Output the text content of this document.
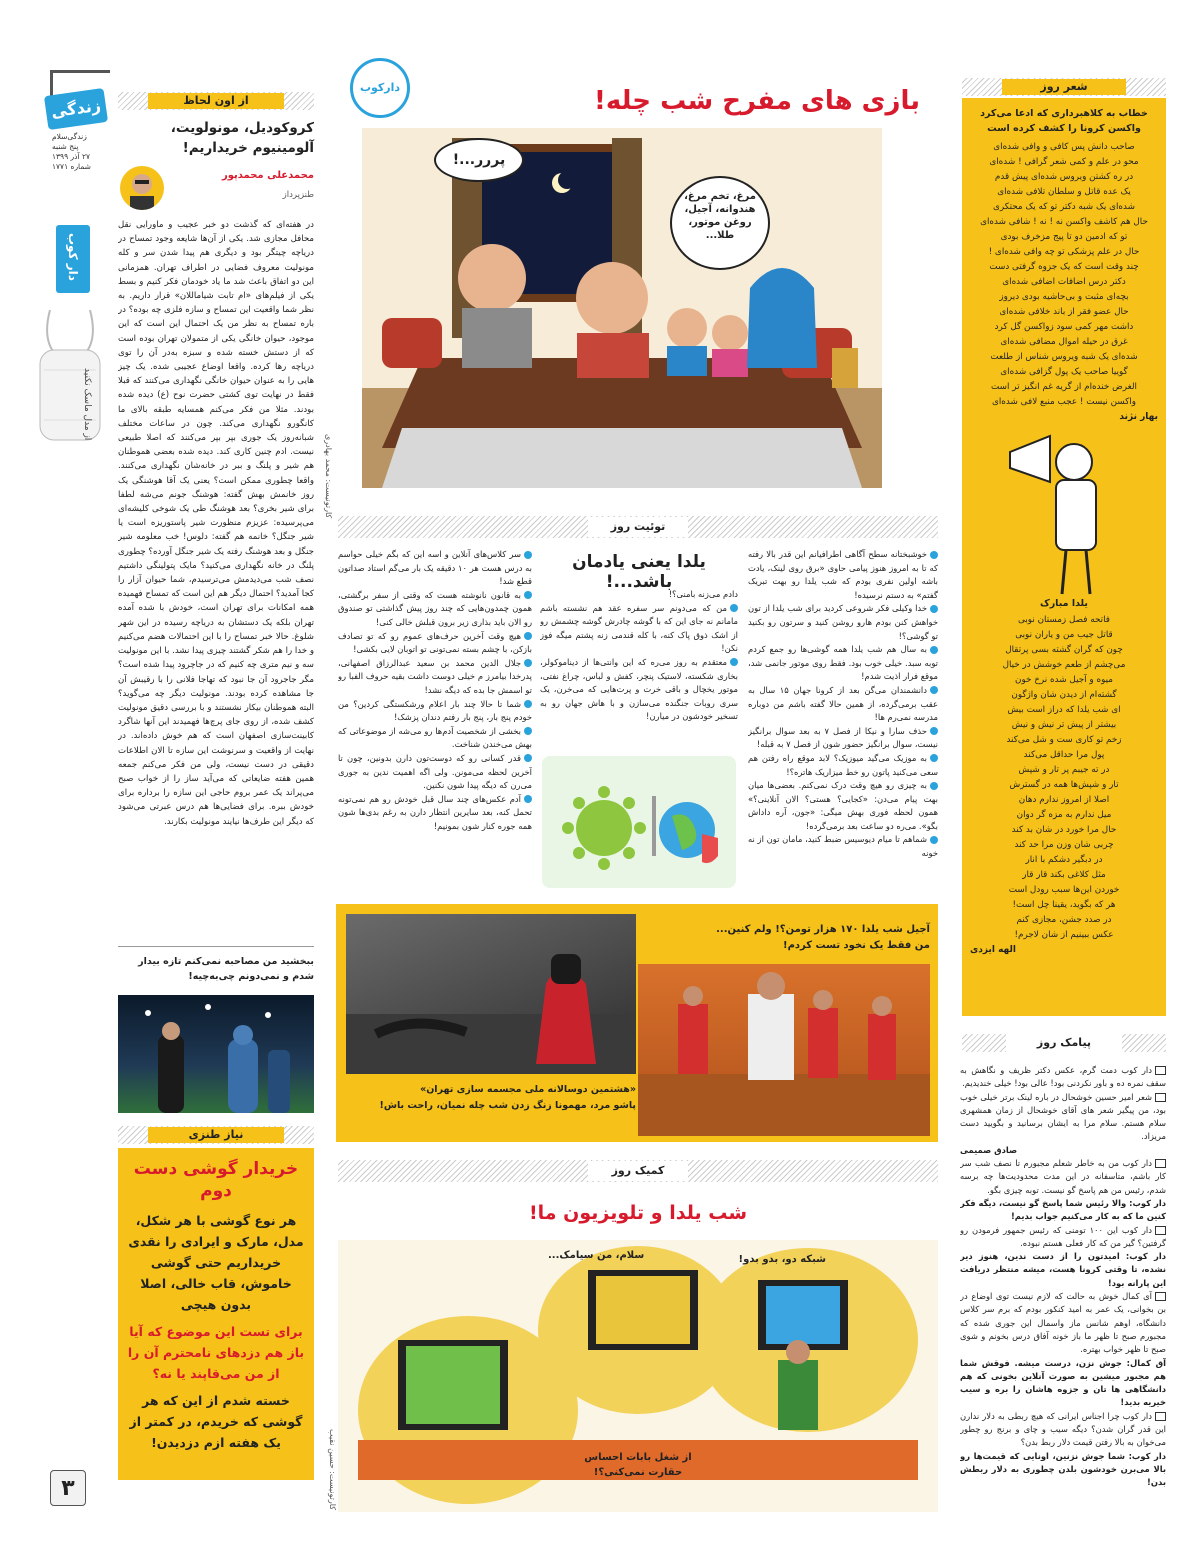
زندگی
زندگی‌سلام
پنج شنبه
۲۷ آذر ۱۳۹۹
شماره ۱۷۷۱
دار کوب
از مدل ماسک نکنید
۳
از اون لحاظ
کروکودیل، مونولویت، آلومینیوم خریداریم!
محمدعلی محمدپور
طنزپرداز
در هفته‌ای که گذشت دو خبر عجیب و ماورایی نقل محافل مجازی شد. یکی از آن‌ها شایعه وجود تمساح در دریاچه چیتگر بود و دیگری هم پیدا شدن سر و کله مونولیت معروف فضایی در اطراف تهران. همزمانی این دو اتفاق باعث شد ما یاد خودمان فکر کنیم و بسط یکی از فیلم‌های «ام تابت شیاماللان» قرار داریم. به نظر شما واقعیت این تمساح و سازه فلزی چه بوده؟ در باره تمساح به نظر من یک احتمال این است که این موجود، حیوان خانگی یکی از متمولان تهران بوده است که از دستش خسته شده و سبزه به‌در آن را توی دریاچه رها کرده. واقعا اوضاع عجیبی شده. یک چیز هایی را به عنوان حیوان خانگی نگهداری می‌کنند که قبلا فقط در نهایت توی کشتی حضرت نوح (ع) دیده شده بودند. مثلا من فکر می‌کنم همسایه طبقه بالای ما کانگورو نگهداری می‌کند. چون در ساعات مختلف شبانه‌روز یک جوری بپر بپر می‌کنند که اصلا طبیعی نیست. ادم چنین کاری کند. دیده شده بعضی هموطنان هم شیر و پلنگ و ببر در خانه‌شان نگهداری می‌کنند. واقعا چطوری ممکن است؟ یعنی یک آقا هوشنگی یک روز خانمش بهش گفته: هوشنگ جونم می‌شه لطفا برای شیر بخری؟ بعد هوشنگ طی یک شوخی کلیشه‌ای می‌پرسیده: عزیزم منظورت شیر پاستوریزه است یا شیر جنگل؟ خانمه هم گفته: دلوس! خب معلومه شیر جنگل و بعد هوشنگ رفته یک شیر جنگل آورده؟ چطوری پلنگ در خانه نگهداری می‌کنید؟ مایک پتولینگی داشتیم نصف شب می‌دیدمش می‌ترسیدم، شما حیوان آزار را کجا آمدید؟ احتمال دیگر هم این است که تمساح فهمیده همه امکانات برای تهران است، خودش با شده آمده تهران بلکه یک دستشان به دریاچه رسیده در این شهر شلوغ. حالا خبر تمساح را با این احتمالات هضم می‌کنیم و خدا را هم شکر گشتند چیزی پیدا نشد. با این مونولیت سه و نیم متری چه کنیم که در جاچرود پیدا شده است؟ مگر جاجرود آن جا نبود که تهاجا فلانی را با رقیبش آن جا مشاهده کرده بودند. مونولیت دیگر چه می‌گوید؟ البته هموطنان بیکار نشستند و با بررسی دقیق مونولیت کشف شده، از روی جای پرچ‌ها فهمیدند این آنها شاگرد کابینت‌سازی اصفهان است که هم خوش داده‌اند. در نهایت از واقعیت و سرنوشت این سازه تا الان اطلاعات دقیقی در دست نیست، ولی من فکر می‌کنم جمعه همین هفته ضایعاتی که می‌آید ساز را از خواب صبح می‌پراند یک عمر بروم حاجی این سازه را برداره برای خودش ببره. برای فضایی‌ها هم درس عبرتی می‌شود که دیگر این طرف‌ها نیایند مونولیت بکارند.
ببخشید من مصاحبه نمی‌کنم تازه بیدار شدم و نمی‌دونم چی‌به‌چیه!
نیاز طنزی
خریدار گوشی دست دوم
هر نوع گوشی با هر شکل، مدل، مارک و ایرادی را نقدی خریداریم حتی گوشی خاموش، قاب خالی، اصلا بدون هیچی
برای تست این موضوع که آیا باز هم دزدهای نامحترم آن را از من می‌قاپند یا نه؟
خسته شدم از این که هر گوشی که خریدم، در کمتر از یک هفته ازم دزدیدن!
دارکوب	بازی های مفرح شب چله!
پررر...!
مرغ، تخم مرغ، هندوانه، آجیل، روغن موتور، طلا...
کارتونیست: محمد بهادری
توئیت روز
یلدا یعنی یادمان باشد...!
خوشبختانه سطح آگاهی اطرافیانم این قدر بالا رفته که تا به امروز هنوز پیامی حاوی «برق روی لینک، یادت باشه اولین نفری بودم که شب یلدا رو بهت تبریک گفتم» به دستم نرسیده!
خدا وکیلی فکر شروعی کردید برای شب یلدا از تون خواهش کنن بودم هارو روشن کنید و سرتون رو بکنید تو گوشی؟!
به سال هم شب یلدا همه گوشی‌ها رو جمع کردم توبه سبد. خیلی خوب بود. فقط روی موتور جانمی شد، موقع فرار اذیت شدم!
دانشمندان می‌گن بعد از کرونا جهان ۱۵ سال به عقب برمی‌گرده، از همین حالا گفته باشم من دوباره مدرسه نمی‌رم ها!
حذف سارا و نیکا از فصل ۷ به بعد سوال برانگیز نیست، سوال برانگیز حضور شون از فصل ۷ به قبله!
به موزیک می‌گید میوزیک؟ لابد موقع راه رفتن هم سعی می‌کنید پاتون رو خط میزاریک هاتره؟!
به چیزی رو هیچ وقت درک نمی‌کنم. بعضی‌ها میان بهت پیام می‌دن: «کجایی؟ هستی؟ الان آنلاینی؟» همون لحظه فوری بهش میگی: «جون، آره داداش بگو». می‌ره دو ساعت بعد برمی‌گرده!
شماهم تا میام دیوسیس ضبط کنید، مامان تون از نه خونه
دادم می‌زنه بامنی؟!
من که می‌دونم سر سفره عقد هم نشسته باشم مامانم نه جای این که با گوشه چادرش گوشه چشمش رو از اشک ذوق پاک کنه، با کله قندمی زنه پشتم میگه فوز نکن!
معتقدم به روز می‌ره که این وانتی‌ها از دیناموکولر، بخاری شکسته، لاستیک پنچر، کفش و لباس، چراغ نفتی، موتور یخچال و باقی خرت و پرت‌هایی که می‌خرن، یک سری روبات جنگنده می‌سازن و با هاش جهان رو به تسخیر خودشون در میارن!
سر کلاس‌های آنلاین و اسه این که بگم خیلی حواسم به درس هست هر ۱۰ دقیقه یک بار می‌گم استاد صداتون قطع شد!
به قانون نانوشته هست که وقتی از سفر برگشتی، همون چمدون‌هایی که چند روز پیش گذاشتی تو صندوق رو الان باید بذاری زیر برون قبلش خالی کنی!
هیچ وقت آخرین حرف‌های عموم رو که تو تصادف بازکن، با چشم بسته نمی‌تونی تو اتوبان لایی بکشی!
جلال الدین محمد بن سعید عبدالرزاق اصفهانی، پدرخدا بیامرز م خیلی دوست داشت بقیه حروف الفبا رو تو اسمش جا بده که دیگه نشد!
شما تا حالا چند بار اعلام ورشکستگی کردین؟ من خودم پنج بار، پنج بار رفتم دندان پزشک!
بخشی از شخصیت آدم‌ها رو می‌شه از موضوعاتی که بهش می‌خندن شناخت.
قدر کسانی رو که دوست‌تون دارن بدونین، چون تا آخرین لحظه می‌مونن. ولی اگه اهمیت ندین به جوری می‌رن که دیگه پیدا شون نکنین.
آدم عکس‌های چند سال قبل خودش رو هم نمی‌تونه تحمل کنه، بعد سایرین انتظار دارن به رغم بدی‌ها شون همه جوره کنار شون بمونیم!
آجیل شب یلدا ۱۷۰ هزار تومن؟! ولم کنین...
من فقط یک نخود تست کردم!
«هشتمین دوسالانه ملی مجسمه سازی تهران»
پاشو مرد، مهمونا زنگ زدن شب چله نمیان، راحت باش!
کمیک روز
شب یلدا و تلویزیون ما!
شبکه دو، بدو بدو!
سلام، من سیامک...
از شغل بابات احساس حقارت نمی‌کنی؟!
کارتونیست: حسین نقیب
شعر روز
خطاب به کلاهبرداری که ادعا می‌کرد واکسن کرونا را کشف کرده است
صاحب دانش پس کافی و وافی شده‌ای
محو در علم و کمی شعر گرافی ! شده‌ای
در ره کشتن ویروس شده‌ای پیش قدم
یک عده قاتل و سلطان تلافی شده‌ای
شده‌ای یک شبه دکتر تو که یک محتکری
حال هم کاشف واکسن نه ! نه ! شافی شده‌ای
تو که ادمین دو تا پیج مزخرف بودی
حال در علم پزشکی تو چه وافی شده‌ای !
چند وقت است که یک جزوه گرفتی دست
دکتر درس اضافات اضافی شده‌ای
بچه‌ای مثبت و بی‌حاشیه بودی دیروز
حال عضو فقر از باند خلافی شده‌ای
داشت مهر کمی سود زواکسن گل کرد
غرق در حیله اموال مضافی شده‌ای
شده‌ای یک شبه ویروس شناس از طلعت
گوییا صاحب یک پول گزافی شده‌ای
الغرض خنده‌ام از گریه غم انگیز تر است
واکسن نیست ! عجب منبع لافی شده‌ای
بهار نژند
یلدا مبارک
فاتحه فصل زمستان نوبی
قاتل جیب من و یاران نوبی
چون که گران گشته بسی پرتقال
می‌چشم از طعم خوشش در خیال
میوه و آجیل شده نرخ خون
گشته‌ام از دیدن شان واژگون
ای شب یلدا که دراز است بیش
بیشتر از پیش تر نیش و نیش
زخم تو کاری ست و شل می‌کند
پول مرا حداقل می‌کند
در ته جیبم پر تار و شپش
تار و شپش‌ها همه در گسترش
اصلا از امروز ندارم دهان
میل ندارم به مزه گر دوان
حال مرا خورد در شان بد کند
چربی شان وزن مرا حد کند
در دبگیر دشکم با انار
مثل کلاغی بکند قار قار
خوردن این‌ها سبب رودل است
هر که بگوید، یقینا چل است!
در صدد جشن، مجازی کنم
عکس ببینیم از شان لاجرم!
الهه ایزدی
پیامک روز
دار کوب دمت گرم، عکس دکتر ظریف و نگاهش به سقف نمره ده و باور نکردنی بود! عالی بود! خیلی خندیدیم.
شعر امیر حسین خوشحال در باره لینک برتر خیلی خوب بود، من پیگیر شعر های آقای خوشحال از زمان همشهری سلام هستم. سلام مرا به ایشان برسانید و بگویید دست مریزاد.
صادق صمیمی
دار کوب من به خاطر شعلم مجبورم تا نصف شب سر کار باشم، متاسفانه در این مدت محدودیت‌ها چه برسه شدم، رئیس من هم پاسخ گو نیست. توبه چیزی بگو.
دار کوب: والا رئیس شما پاسخ گو نیست، دیگه فکر کنین ما که به کار می‌کنیم جواب بدیم!
دار کوب این ۱۰۰ تومنی که رئیس جمهور فرمودن رو گرفتین؟ گیر من که کار فعلی هستم نبوده.
دار کوب: امیدتون را از دست ندین، هنوز دیر نشده، تا وقتی کرونا هست، میشه منتظر دریافت این پارانه بود!
آی کمال خوش به حالت که لازم نیست توی اوضاع در بن بخوانی، یک عمر به امید کنکور بودم که برم سر کلاس دانشگاه، اوهم شانس ماز واسمال این جوری شده که مجبورم صبح تا ظهر ما باز خونه آفاق درس بخونم و شوی صبح تا ظهر خواب بهتره.
آق کمال: جوش نزن، درست میشه. فوقش شما هم مجبور میشین به صورت آنلاین بخونی که هم دانشگاهی ها تان و جزوه هاشان را بره و سیب خیریه بدید!
دار کوب چرا اجناس ایرانی که هیچ ربطی به دلار ندارن این قدر گران شدن؟ دیگه سیب و چای و برنج رو چطور می‌خوان به بالا رفتن قیمت دلار ربط بدن؟
دار کوب: شما جوش نزنین، اونایی که قیمت‌ها رو بالا می‌برن خودشون بلدن چطوری به دلار ربطش بدن!
